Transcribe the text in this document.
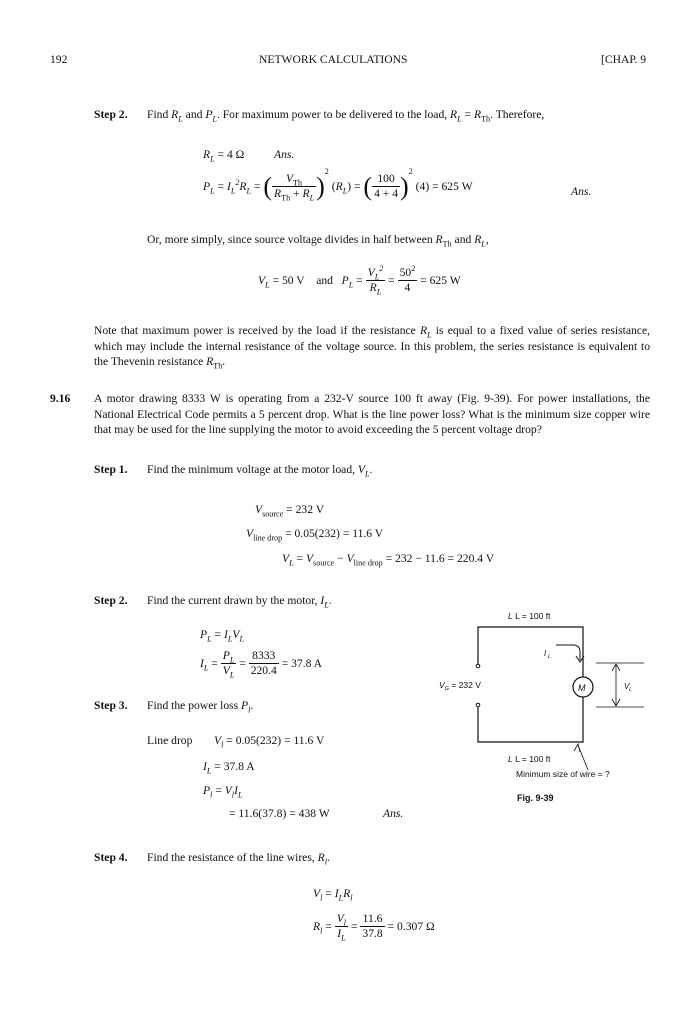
192	NETWORK CALCULATIONS	[CHAP. 9
Step 2. Find $R_L$ and $P_L$. For maximum power to be delivered to the load, $R_L = R_{Th}$. Therefore,
$R_L = 4$ Ω	Ans.
$P_L = I_L^2R_L$ = ( $\frac{V_{Th}}{R_{Th} + R_L}$ ) 2
$(R_L)$ = ( $\frac{100}{4 + 4}$ ) 2

(4) = 625 W	Ans.
Or, more simply, since source voltage divides in half between $R_{Th}$ and $R_L$,
$V_L = 50$ V and $P_L = \frac{V_L^2}{R_L} = \frac{50^2}{4} = 625$ W
Note that maximum power is received by the load if the resistance $R_L$ is equal to a fixed value of series resistance, which may include the internal resistance of the voltage source. In this problem, the series resistance is equivalent to the Thevenin resistance $R_{Th}$.
9.16 A motor drawing 8333 W is operating from a 232-V source 100 ft away (Fig. 9-39). For power installations, the National Electrical Code permits a 5 percent drop. What is the line power loss? What is the minimum size copper wire that may be used for the line supplying the motor to avoid exceeding the 5 percent voltage drop?
Step 1. Find the minimum voltage at the motor load, $V_L$.
$V_{source} = 232$ V
$V_{line drop} = 0.05(232) = 11.6$ V
$V_L = V_{source} - V_{line drop} = 232 - 11.6 = 220.4$ V
Step 2. Find the current drawn by the motor, $I_L$.
$P_L = I_LV_L$
$I_L = \frac{P_L}{V_L} = \frac{8333}{220.4} = 37.8$ A
Step 3. Find the power loss $P_l$.
Line drop $V_l = 0.05(232) = 11.6$ V
$I_L = 37.8$ A
$P_l = V_lI_L$
= 11.6(37.8) = 438 W	Ans.
Step 4. Find the resistance of the line wires, $R_l$.
$V_l = I_LR_l$
$R_l = \frac{V_l}{I_L} = \frac{11.6}{37.8} = 0.307$ Ω
L L = 100 ft
I L
$V_G = 232$ V	M	V L
L L = 100 ft
Minimum size of wire = ?
Fig. 9-39
